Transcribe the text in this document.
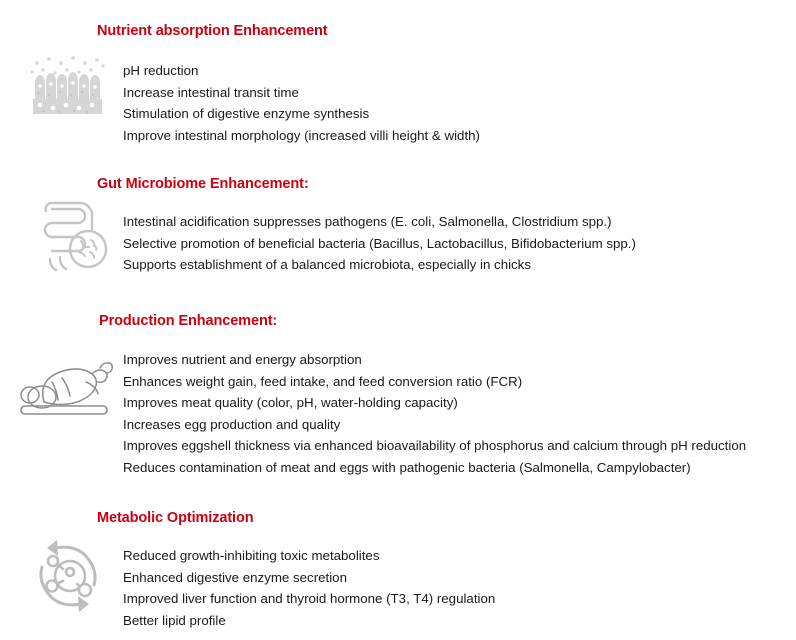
Nutrient absorption Enhancement
pH reduction
Increase intestinal transit time
Stimulation of digestive enzyme synthesis
Improve intestinal morphology (increased villi height & width)
Gut Microbiome Enhancement:
Intestinal acidification suppresses pathogens (E. coli, Salmonella, Clostridium spp.)
Selective promotion of beneficial bacteria (Bacillus, Lactobacillus, Bifidobacterium spp.)
Supports establishment of a balanced microbiota, especially in chicks
Production Enhancement:
Improves nutrient and energy absorption
Enhances weight gain, feed intake, and feed conversion ratio (FCR)
Improves meat quality (color, pH, water-holding capacity)
Increases egg production and quality
Improves eggshell thickness via enhanced bioavailability of phosphorus and calcium through pH reduction
Reduces contamination of meat and eggs with pathogenic bacteria (Salmonella, Campylobacter)
Metabolic Optimization
Reduced growth-inhibiting toxic metabolites
Enhanced digestive enzyme secretion
Improved liver function and thyroid hormone (T3, T4) regulation
Better lipid profile
